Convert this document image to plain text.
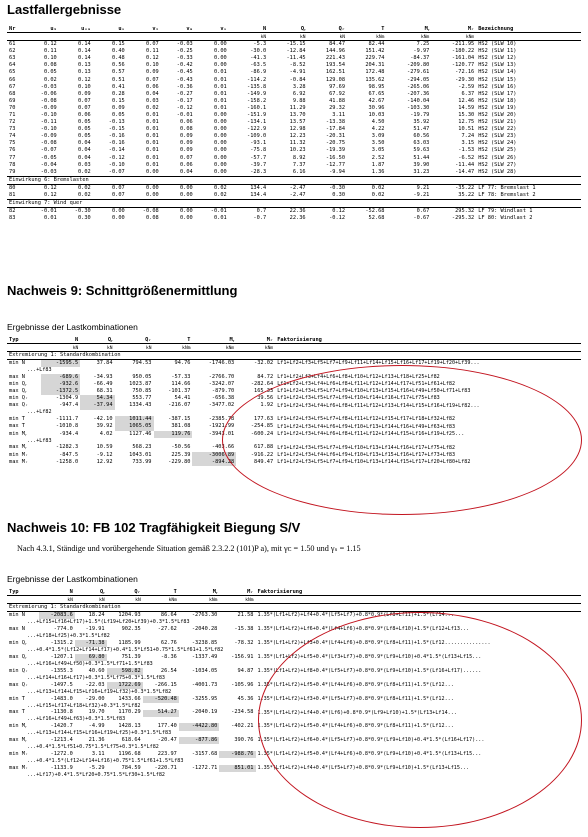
Lastfallergebnisse
Nr	u₁	uᵥₘ	uᵥ	vᵢ	vₘ	vᵥ	N	Qᵧ	Qᵣ	T	Mᵧ	Mᵣ	Bezeichnung
							kN	kN	kN	kNm	kNm	kNm	
61	0.12	0.14	0.15	0.07	-0.03	0.00	-5.3	-15.15	84.47	82.44	7.25	-211.95	HS2 (SLW 10)
62	0.11	0.14	0.40	0.11	-0.25	0.00	-30.0	-12.84	144.96	151.42	-9.97	-180.22	HS2 (SLW 11)
63	0.10	0.14	0.48	0.12	-0.33	0.00	-41.3	-11.45	221.43	229.74	-84.37	-161.04	HS2 (SLW 12)
64	0.08	0.13	0.56	0.10	-0.42	0.00	-63.5	-8.52	193.54	204.31	-209.80	-120.77	HS2 (SLW 13)
65	0.05	0.13	0.57	0.09	-0.45	0.01	-86.9	-4.91	162.51	172.48	-279.61	-72.16	HS2 (SLW 14)
66	0.02	0.12	0.51	0.07	-0.43	0.01	-114.2	-0.84	129.08	135.62	-294.05	-29.30	HS2 (SLW 15)
67	-0.03	0.10	0.41	0.06	-0.36	0.01	-135.8	3.28	97.69	98.95	-265.06	-2.59	HS2 (SLW 16)
68	-0.06	0.09	0.28	0.04	-0.27	0.01	-149.9	6.92	67.92	67.65	-207.36	6.37	HS2 (SLW 17)
69	-0.08	0.07	0.15	0.03	-0.17	0.01	-158.2	9.88	41.88	42.67	-140.04	12.46	HS2 (SLW 18)
70	-0.09	0.07	0.09	0.02	-0.12	0.01	-160.1	11.29	29.32	30.96	-103.30	14.59	HS2 (SLW 19)
71	-0.10	0.06	0.05	0.01	-0.01	0.00	-151.9	13.70	3.11	10.03	-19.79	15.30	HS2 (SLW 20)
72	-0.11	0.05	-0.13	0.01	0.06	0.00	-134.1	13.57	-13.38	4.50	35.92	12.75	HS2 (SLW 21)
73	-0.10	0.05	-0.15	0.01	0.08	0.00	-122.9	12.98	-17.84	4.22	51.47	10.51	HS2 (SLW 22)
74	-0.09	0.05	-0.16	0.01	0.09	0.00	-109.0	12.23	-20.31	3.09	60.56	7.24	HS2 (SLW 23)
75	-0.08	0.04	-0.16	0.01	0.09	0.00	-93.1	11.32	-20.75	3.50	63.03	3.15	HS2 (SLW 24)
76	-0.07	0.04	-0.14	0.01	0.09	0.00	-75.8	10.23	-19.39	3.05	59.63	-1.53	HS2 (SLW 25)
77	-0.05	0.04	-0.12	0.01	0.07	0.00	-57.7	8.92	-16.50	2.52	51.44	-6.52	HS2 (SLW 26)
78	-0.04	0.03	-0.10	0.01	0.06	0.00	-39.7	7.37	-12.77	1.87	39.90	-11.44	HS2 (SLW 27)
79	-0.03	0.02	-0.07	0.00	0.04	0.00	-28.3	6.16	-9.94	1.36	31.23	-14.47	HS2 (SLW 28)
Einwirkung 6: Bremslasten													
80	0.12	0.02	0.07	0.00	0.00	0.02	134.4	-2.47	-0.30	0.02	9.21	-35.22	LF 77: Bremslast 1
81	0.12	0.02	0.07	0.00	0.00	0.02	134.4	-2.47	0.30	0.02	-9.21	35.22	LF 78: Bremslast 2
Einwirkung 7: Wind quer													
82	-0.01	-0.30	0.00	-0.08	0.00	-0.01	0.7	22.36	0.12	-52.68	0.67	295.32	LF 79: Windlast 1
83	0.01	0.30	0.00	0.08	0.00	0.01	-0.7	22.36	-0.12	52.68	-0.67	-295.32	LF 80: Windlast 2
Nachweis 9: Schnittgrößenermittlung
Ergebnisse der Lastkombinationen
Typ	N	Qᵧ	Qᵣ	T	Mᵧ	Mᵣ	Faktorisierung
	kN	kN	kN	kNm	kNm	kNm	
Extremierung 1: Standardkombination							
min N	-1595.5	37.84	794.53	94.76	-1746.03	-32.02	Lf1+Lf2+Lf3+Lf5+Lf7+Lf9+Lf11+Lf14+Lf15+Lf16+Lf17+Lf19+Lf20+Lf39...
...+Lf83							
max N	-689.6	-34.93	950.05	-57.33	-2766.70	84.72	Lf1+Lf2+Lf3+Lf4+Lf6+Lf8+Lf10+Lf12+Lf13+Lf18+Lf25+Lf82
min Qᵧ	-932.6	-66.49	1023.87	114.66	-3242.07	-282.64	Lf1+Lf2+Lf3+Lf4+Lf6+Lf8+Lf11+Lf12+Lf14+Lf17+Lf51+Lf61+Lf82
max Qᵧ	-1372.5	68.31	750.85	-101.37	-879.70	165.33	Lf1+Lf2+Lf3+Lf5+Lf7+Lf9+Lf10+Lf13+Lf15+Lf16+Lf49+Lf50+Lf71+Lf83
min Qᵣ	-1304.9	54.34	553.77	54.41	-656.38	39.56	Lf1+Lf2+Lf3+Lf5+Lf7+Lf9+Lf10+Lf14+Lf16+Lf17+Lf75+Lf83
max Qᵣ	-947.4	-37.94	1334.43	-216.07	-3477.02	1.92	Lf1+Lf2+Lf3+Lf4+Lf6+Lf8+Lf11+Lf12+Lf13+Lf14+Lf15+Lf16+Lf19+Lf82...
...+Lf82							
min T	-1111.7	-42.10	1011.44	-387.15	-2385.78	177.63	Lf1+Lf2+Lf3+Lf5+Lf7+Lf8+Lf11+Lf12+Lf15+Lf17+Lf18+Lf32+Lf82
max T	-1010.8	39.92	1065.05	381.08	-1921.99	-254.85	Lf1+Lf2+Lf3+Lf4+Lf6+Lf9+Lf10+Lf13+Lf14+Lf16+Lf49+Lf63+Lf83
min Mᵧ	-934.4	4.02	1127.46	119.76	-3943.01	-600.24	Lf1+Lf2+Lf3+Lf4+Lf6+Lf8+Lf11+Lf12+Lf14+Lf15+Lf16+Lf19+Lf25...
...+Lf83							
max Mᵧ	-1282.3	10.59	568.23	-50.56	-403.66	617.88	Lf1+Lf2+Lf3+Lf5+Lf7+Lf9+Lf10+Lf13+Lf14+Lf16+Lf17+Lf75+Lf82
min Mᵣ	-847.5	-9.12	1043.01	225.39	-3006.89	-916.22	Lf1+Lf2+Lf3+Lf4+Lf6+Lf9+Lf10+Lf13+Lf15+Lf16+Lf17+Lf73+Lf83
max Mᵣ	-1258.0	12.92	733.99	-229.80	-894.28	849.47	Lf1+Lf2+Lf3+Lf5+Lf7+Lf9+Lf10+Lf13+Lf14+Lf15+Lf17+Lf20+Lf80+Lf82
Nachweis 10: FB 102 Tragfähigkeit Biegung S/V
Nach 4.3.1, Ständige und vorübergehende Situation gemäß 2.3.2.2 (101)P a), mit γᴄ = 1.50 und γₛ = 1.15
Ergebnisse der Lastkombinationen
Typ	N	Qᵧ	Qᵣ	T	Mᵧ	Mᵣ	Faktorisierung
	kN	kN	kN	kNm	kNm	kNm	
Extremierung 1: Standardkombination							
min N	-2083.6	18.24	1204.93	86.64	-2763.30	21.58	1.35*(Lf1+Lf2)+Lf4+0.4*(Lf5+Lf7)+0.8*0.9*(Lf8+Lf11)+1.5*(Lf14...
...+Lf15+Lf16+Lf17)+1.5*(Lf19+Lf20+Lf39)+0.3*1.5*Lf83							
max N	-774.0	-19.91	902.35	-27.62	-2040.28	-15.38	1.35*(Lf1+Lf2)+Lf6+0.4*(Lf4+Lf6)+0.8*0.9*(Lf8+Lf10)+1.5*(Lf12+Lf13...
...+Lf18+Lf25)+0.3*1.5*Lf82							
min Qᵧ	-1315.2	-71.38	1185.99	62.76	-3238.85	-78.32	1.35*(Lf1+Lf2)+Lf3+0.4*(Lf4+Lf6)+0.8*0.9*(Lf8+Lf11)+1.5*(Lf12...............
...+0.4*1.5*(Lf12+Lf14+Lf17)+0.4*1.5*Lf51+0.75*1.5*Lf61+1.5*Lf82							
max Qᵧ	-1207.1	69.80	751.39	-8.36	-1337.49	-156.91	1.35*(Lf1+Lf2)+Lf5+0.4*(Lf3+Lf7)+0.8*0.9*(Lf9+Lf10)+0.4*1.5*(Lf13+Lf15...
...+Lf16+Lf49+Lf50)+0.3*1.5*Lf71+1.5*Lf83							
min Qᵣ	-1355.3	40.60	598.82	26.54	-1034.05	94.87	1.35*(Lf1+Lf2)+Lf8+0.4*(Lf5+Lf7)+0.8*0.9*(Lf9+Lf10)+1.5*(Lf16+Lf17)......
...+Lf14+Lf16+Lf17)+0.3*1.5*Lf75+0.3*1.5*Lf83							
max Qᵣ	-1497.5	-22.03	1722.69	-266.15	-4001.73	-105.96	1.35*(Lf1+Lf2)+Lf5+0.4*(Lf4+Lf6)+0.8*0.9*(Lf8+Lf11)+1.5*(Lf12...
...+Lf13+Lf14+Lf15+Lf16+Lf19+Lf32)+0.3*1.5*Lf82							
min T	-1483.0	-29.00	1433.66	-520.48	-3255.95	45.36	1.35*(Lf1+Lf2)+Lf3+0.4*(Lf5+Lf7)+0.8*0.9*(Lf8+Lf11)+1.5*(Lf12...
...+Lf15+Lf17+Lf18+Lf32)+0.3*1.5*Lf82							
max T	-1130.8	19.70	1170.29	514.27	-2040.19	-234.58	1.35*(Lf1+Lf2)+Lf4+0.4*(Lf6)+0.8*0.9*(Lf9+Lf10)+1.5*(Lf13+Lf14...
...+Lf16+Lf49+Lf63)+0.3*1.5*Lf83							
min Mᵧ	-1420.7	-4.99	1428.13	177.40	-4422.80	-402.21	1.35*(Lf1+Lf2)+Lf5+0.4*(Lf4+Lf6)+0.8*0.9*(Lf8+Lf11)+1.5*(Lf12...
...+Lf13+Lf14+Lf15+Lf16+Lf19+Lf25)+0.3*1.5*Lf83							
max Mᵧ	-1213.4	21.36	618.64	-20.47	-877.86	390.76	1.35*(Lf1+Lf2)+Lf6+0.4*(Lf5+Lf7)+0.8*0.9*(Lf9+Lf10)+0.4*1.5*(Lf16+Lf17)...
...+0.4*1.5*Lf51+0.75*1.5*Lf75+0.3*1.5*Lf82							
min Mᵣ	-1272.0	3.11	1196.68	223.97	-3157.68	-988.76	1.35*(Lf1+Lf2)+Lf5+0.4*(Lf4+Lf6)+0.8*0.9*(Lf9+Lf10)+0.4*1.5*(Lf13+Lf15...
...+0.4*1.5*(Lf12+Lf14+Lf16)+0.75*1.5*Lf61+1.5*Lf83							
max Mᵣ	-1133.9	-5.29	784.59	-220.71	-1272.71	851.01	1.35*(Lf1+Lf2)+Lf4+0.4*(Lf5+Lf7)+0.8*0.9*(Lf9+Lf10)+1.5*(Lf13+Lf15...
...+Lf17)+0.4*1.5*Lf20+0.75*1.5*Lf30+1.5*Lf82							
